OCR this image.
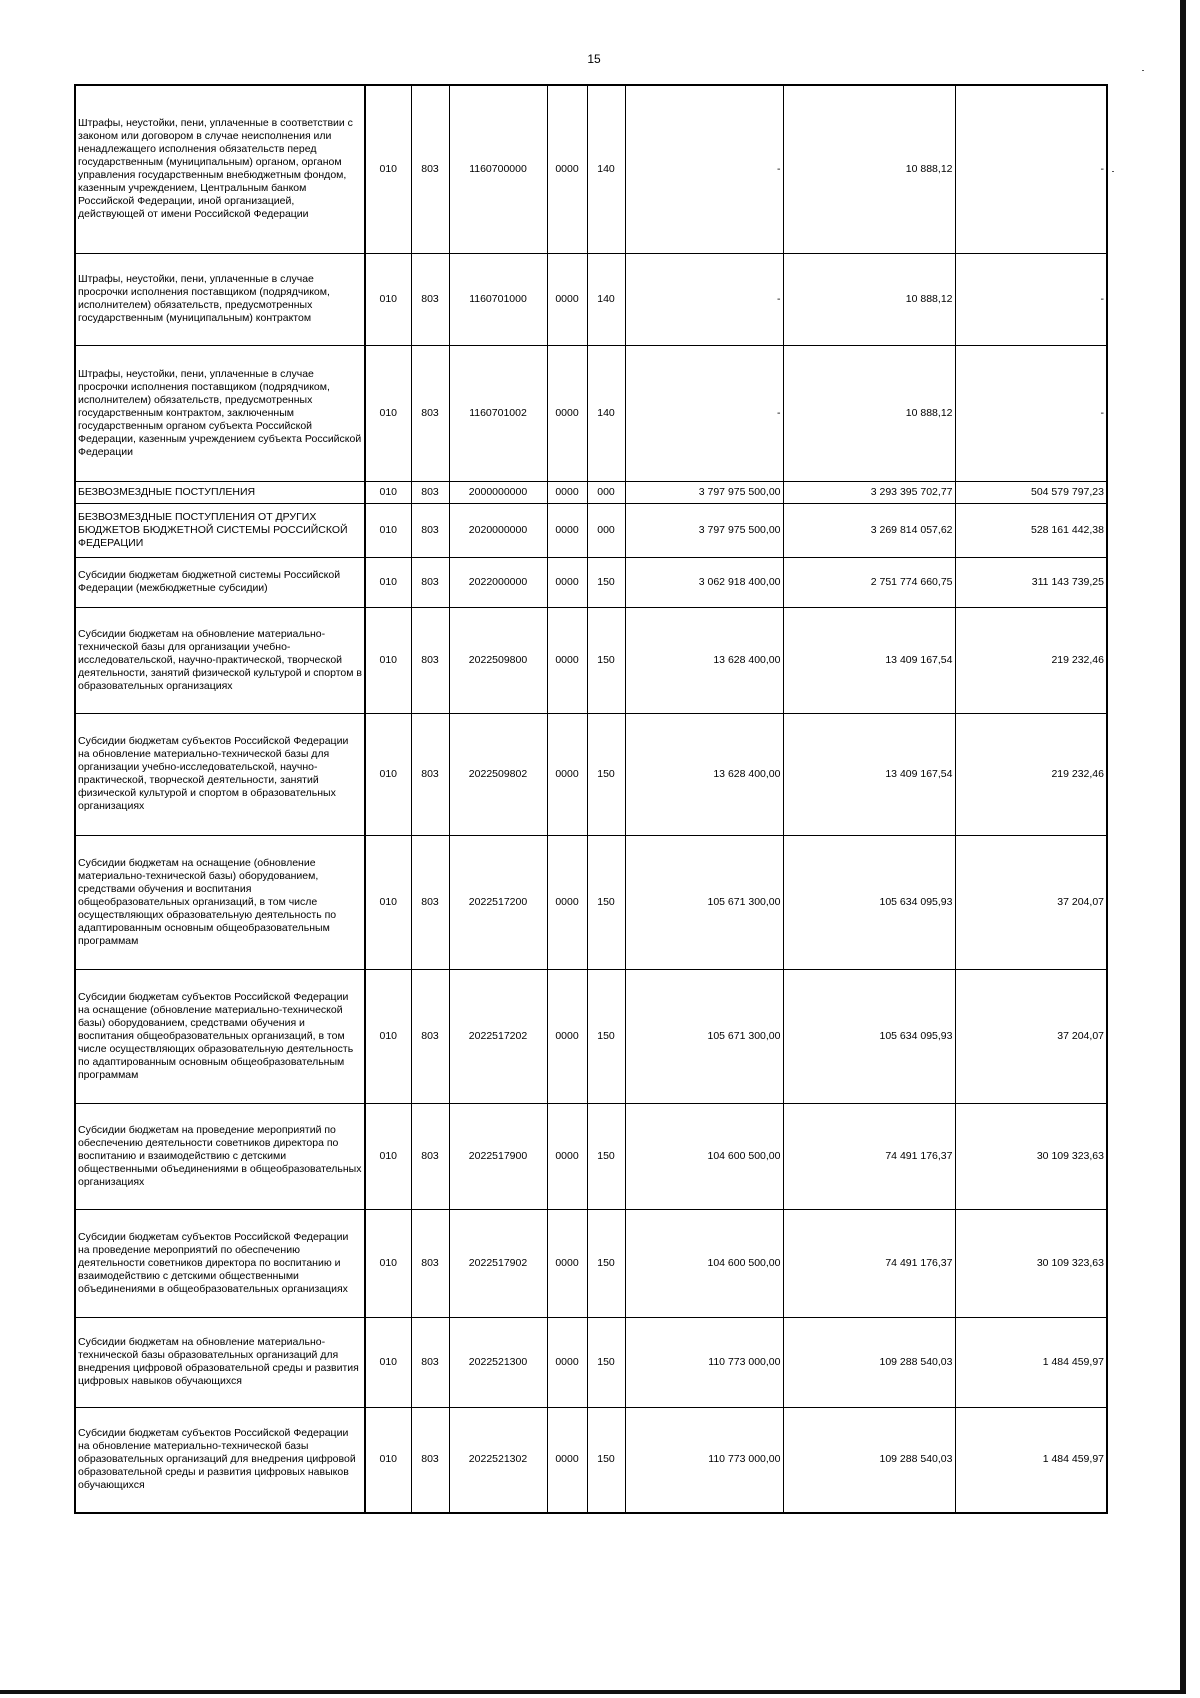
15
Штрафы, неустойки, пени, уплаченные в соответствии с законом или договором в случае неисполнения или ненадлежащего исполнения обязательств перед государственным (муниципальным) органом, органом управления государственным внебюджетным фондом, казенным учреждением, Центральным банком Российской Федерации, иной организацией, действующей от имени Российской Федерации	010	803	1160700000	0000	140	-	10 888,12	-
Штрафы, неустойки, пени, уплаченные в случае просрочки исполнения поставщиком (подрядчиком, исполнителем) обязательств, предусмотренных государственным (муниципальным) контрактом	010	803	1160701000	0000	140	-	10 888,12	-
Штрафы, неустойки, пени, уплаченные в случае просрочки исполнения поставщиком (подрядчиком, исполнителем) обязательств, предусмотренных государственным контрактом, заключенным государственным органом субъекта Российской Федерации, казенным учреждением субъекта Российской Федерации	010	803	1160701002	0000	140	-	10 888,12	-
БЕЗВОЗМЕЗДНЫЕ ПОСТУПЛЕНИЯ	010	803	2000000000	0000	000	3 797 975 500,00	3 293 395 702,77	504 579 797,23
БЕЗВОЗМЕЗДНЫЕ ПОСТУПЛЕНИЯ ОТ ДРУГИХ БЮДЖЕТОВ БЮДЖЕТНОЙ СИСТЕМЫ РОССИЙСКОЙ ФЕДЕРАЦИИ	010	803	2020000000	0000	000	3 797 975 500,00	3 269 814 057,62	528 161 442,38
Субсидии бюджетам бюджетной системы Российской Федерации (межбюджетные субсидии)	010	803	2022000000	0000	150	3 062 918 400,00	2 751 774 660,75	311 143 739,25
Субсидии бюджетам на обновление материально-технической базы для организации учебно-исследовательской, научно-практической, творческой деятельности, занятий физической культурой и спортом в образовательных организациях	010	803	2022509800	0000	150	13 628 400,00	13 409 167,54	219 232,46
Субсидии бюджетам субъектов Российской Федерации на обновление материально-технической базы для организации учебно-исследовательской, научно-практической, творческой деятельности, занятий физической культурой и спортом в образовательных организациях	010	803	2022509802	0000	150	13 628 400,00	13 409 167,54	219 232,46
Субсидии бюджетам на оснащение (обновление материально-технической базы) оборудованием, средствами обучения и воспитания общеобразовательных организаций, в том числе осуществляющих образовательную деятельность по адаптированным основным общеобразовательным программам	010	803	2022517200	0000	150	105 671 300,00	105 634 095,93	37 204,07
Субсидии бюджетам субъектов Российской Федерации на оснащение (обновление материально-технической базы) оборудованием, средствами обучения и воспитания общеобразовательных организаций, в том числе осуществляющих образовательную деятельность по адаптированным основным общеобразовательным программам	010	803	2022517202	0000	150	105 671 300,00	105 634 095,93	37 204,07
Субсидии бюджетам на проведение мероприятий по обеспечению деятельности советников директора по воспитанию и взаимодействию с детскими общественными объединениями в общеобразовательных организациях	010	803	2022517900	0000	150	104 600 500,00	74 491 176,37	30 109 323,63
Субсидии бюджетам субъектов Российской Федерации на проведение мероприятий по обеспечению деятельности советников директора по воспитанию и взаимодействию с детскими общественными объединениями в общеобразовательных организациях	010	803	2022517902	0000	150	104 600 500,00	74 491 176,37	30 109 323,63
Субсидии бюджетам на обновление материально-технической базы образовательных организаций для внедрения цифровой образовательной среды и развития цифровых навыков обучающихся	010	803	2022521300	0000	150	110 773 000,00	109 288 540,03	1 484 459,97
Субсидии бюджетам субъектов Российской Федерации на обновление материально-технической базы образовательных организаций для внедрения цифровой образовательной среды и развития цифровых навыков обучающихся	010	803	2022521302	0000	150	110 773 000,00	109 288 540,03	1 484 459,97
